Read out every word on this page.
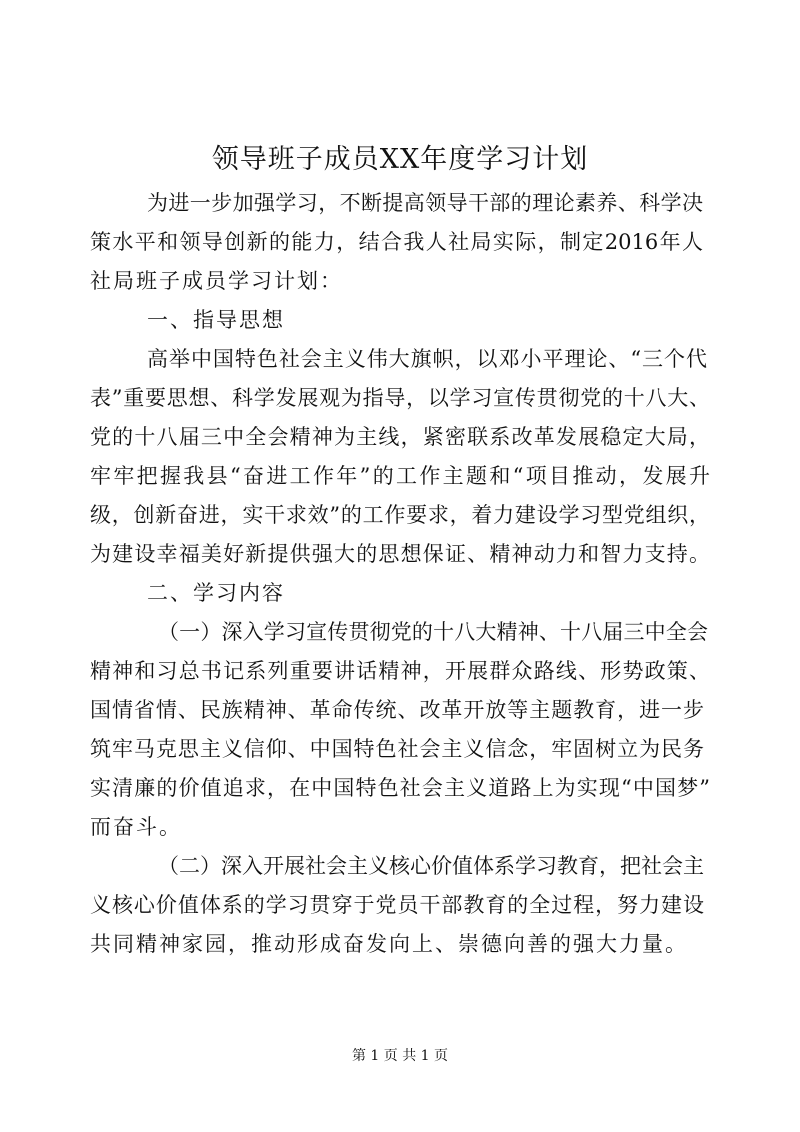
领导班子成员XX年度学习计划
为进一步加强学习，不断提高领导干部的理论素养、科学决
策水平和领导创新的能力，结合我人社局实际，制定2016年人
社局班子成员学习计划：
一、指导思想
高举中国特色社会主义伟大旗帜，以邓小平理论、“三个代
表”重要思想、科学发展观为指导，以学习宣传贯彻党的十八大、
党的十八届三中全会精神为主线，紧密联系改革发展稳定大局，
牢牢把握我县“奋进工作年”的工作主题和“项目推动，发展升
级，创新奋进，实干求效”的工作要求，着力建设学习型党组织，
为建设幸福美好新提供强大的思想保证、精神动力和智力支持。
二、学习内容
（一）深入学习宣传贯彻党的十八大精神、十八届三中全会
精神和习总书记系列重要讲话精神，开展群众路线、形势政策、
国情省情、民族精神、革命传统、改革开放等主题教育，进一步
筑牢马克思主义信仰、中国特色社会主义信念，牢固树立为民务
实清廉的价值追求，在中国特色社会主义道路上为实现“中国梦”
而奋斗。
（二）深入开展社会主义核心价值体系学习教育，把社会主
第 1 页 共 1 页
义核心价值体系的学习贯穿于党员干部教育的全过程，努力建设
共同精神家园，推动形成奋发向上、崇德向善的强大力量。
